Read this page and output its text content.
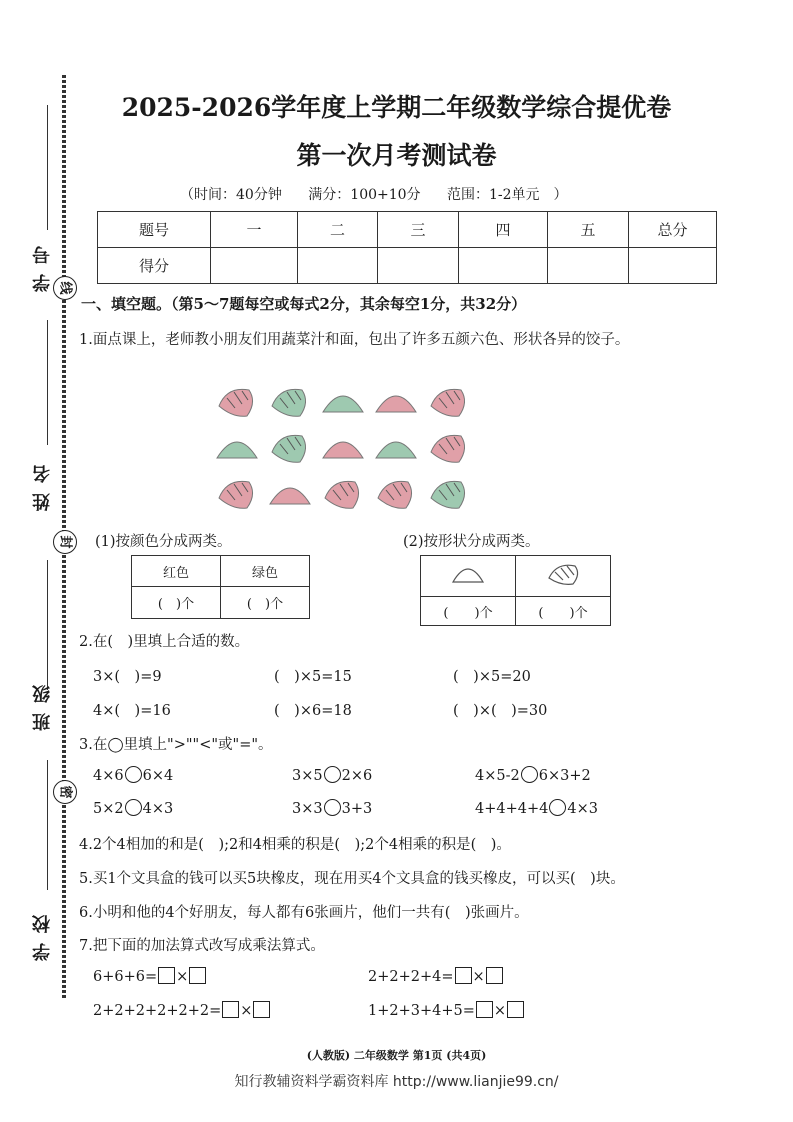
学号
姓名
班级
学校
线
封
密
2025-2026学年度上学期二年级数学综合提优卷
第一次月考测试卷
（时间：40分钟 满分：100+10分 范围：1-2单元　）
题号	一	二	三	四	五	总分
得分						
一、填空题。（第5～7题每空或每式2分，其余每空1分，共32分）
1.面点课上，老师教小朋友们用蔬菜汁和面，包出了许多五颜六色、形状各异的饺子。
(1)按颜色分成两类。	(2)按形状分成两类。
红色	绿色
(　)个	(　)个

(　　)个	(　　)个
2.在(　)里填上合适的数。
3×(　)=9	(　)×5=15	(　)×5=20
4×(　)=16	(　)×6=18	(　)×(　)=30
3.在◯里填上">""<"或"="。
4×6 6×4	3×5 2×6	4×5-2 6×3+2
5×2 4×3	3×3 3+3	4+4+4+4 4×3
4.2个4相加的和是(　);2和4相乘的积是(　);2个4相乘的积是(　)。
5.买1个文具盒的钱可以买5块橡皮，现在用买4个文具盒的钱买橡皮，可以买(　)块。
6.小明和他的4个好朋友，每人都有6张画片，他们一共有(　)张画片。
7.把下面的加法算式改写成乘法算式。
6+6+6= ×	2+2+2+4= ×
2+2+2+2+2+2= ×	1+2+3+4+5= ×
(人教版) 二年级数学 第1页 (共4页)
知行教辅资料学霸资料库 http://www.lianjie99.cn/
